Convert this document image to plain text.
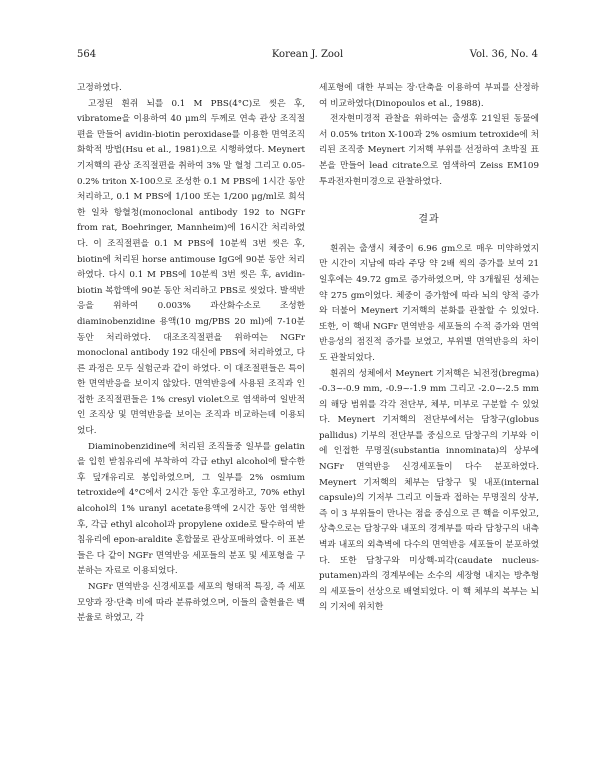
564	Korean J. Zool	Vol. 36, No. 4

고정하였다.

고정된 흰쥐 뇌를 0.1 M PBS(4°C)로 씻은 후, vibratome을 이용하여 40 μm의 두께로 연속 관상 조직절편을 만들어 avidin-biotin peroxidase를 이용한 면역조직화학적 방법(Hsu et al., 1981)으로 시행하였다. Meynert 기저핵의 관상 조직절편을 취하여 3% 말 혈청 그리고 0.05-0.2% triton X-100으로 조성한 0.1 M PBS에 1시간 동안 처리하고, 0.1 M PBS에 1/100 또는 1/200 μg/ml로 희석한 일차 항혈청(monoclonal antibody 192 to NGFr from rat, Boehringer, Mannheim)에 16시간 처리하였다. 이 조직절편을 0.1 M PBS에 10분씩 3번 씻은 후, biotin에 처리된 horse antimouse IgG에 90분 동안 처리하였다. 다시 0.1 M PBS에 10분씩 3번 씻은 후, avidin-biotin 복합액에 90분 동안 처리하고 PBS로 씻었다. 발색반응을 위하여 0.003% 과산화수소로 조성한 diaminobenzidine 용액(10 mg/PBS 20 ml)에 7-10분 동안 처리하였다. 대조조직절편을 위하여는 NGFr monoclonal antibody 192 대신에 PBS에 처리하였고, 다른 과정은 모두 실험군과 같이 하였다. 이 대조절편들은 특이한 면역반응을 보이지 않았다. 면역반응에 사용된 조직과 인접한 조직절편들은 1% cresyl violet으로 염색하여 일반적인 조직상 및 면역반응을 보이는 조직과 비교하는데 이용되었다.

Diaminobenzidine에 처리된 조직들중 일부를 gelatin을 입힌 받침유리에 부착하여 각급 ethyl alcohol에 탈수한 후 덮개유리로 봉입하였으며, 그 일부를 2% osmium tetroxide에 4°C에서 2시간 동안 후고정하고, 70% ethyl alcohol의 1% uranyl acetate용액에 2시간 동안 염색한 후, 각급 ethyl alcohol과 propylene oxide로 탈수하여 받침유리에 epon-araldite 혼합물로 관상포매하였다. 이 표본들은 다 같이 NGFr 면역반응 세포들의 분포 및 세포형을 구분하는 자료로 이용되었다.

NGFr 면역반응 신경세포를 세포의 형태적 특징, 즉 세포 모양과 장·단축 비에 따라 분류하였으며, 이들의 출현율은 백분율로 하였고, 각

세포형에 대한 부피는 장·단축을 이용하여 부피를 산정하여 비교하였다(Dinopoulos et al., 1988).

전자현미경적 관찰을 위하여는 출생후 21일된 동물에서 0.05% triton X-100과 2% osmium tetroxide에 처리된 조직중 Meynert 기저핵 부위를 선정하여 초박질 표본을 만들어 lead citrate으로 염색하여 Zeiss EM109 투과전자현미경으로 관찰하였다.

결과

흰쥐는 출생시 체중이 6.96 gm으로 매우 미약하였지만 시간이 지남에 따라 주당 약 2배 씩의 증가를 보여 21일후에는 49.72 gm로 증가하였으며, 약 3개월된 성체는 약 275 gm이었다. 체중이 증가함에 따라 뇌의 양적 증가와 더불어 Meynert 기저핵의 분화를 관찰할 수 있었다. 또한, 이 핵내 NGFr 면역반응 세포들의 수적 증가와 면역반응성의 점진적 증가를 보였고, 부위별 면역반응의 차이도 관찰되었다.

흰쥐의 성체에서 Meynert 기저핵은 뇌전정(bregma) -0.3~-0.9 mm, -0.9~-1.9 mm 그리고 -2.0~-2.5 mm의 해당 범위를 각각 전단부, 체부, 미부로 구분할 수 있었다. Meynert 기저핵의 전단부에서는 담창구(globus pallidus) 기부의 전단부를 중심으로 담창구의 기부와 이에 인접한 무명질(substantia innominata)의 상부에 NGFr 면역반응 신경세포들이 다수 분포하였다. Meynert 기저핵의 체부는 담창구 및 내포(internal capsule)의 기저부 그리고 이들과 접하는 무명질의 상부, 즉 이 3 부위들이 만나는 점을 중심으로 큰 핵을 이루었고, 상측으로는 담창구와 내포의 경계부를 따라 담창구의 내측벽과 내포의 외측벽에 다수의 면역반응 세포들이 분포하였다. 또한 담창구와 미상핵-피각(caudate nucleus-putamen)과의 경계부에는 소수의 세장형 내지는 방추형의 세포들이 선상으로 배열되었다. 이 핵 체부의 복부는 뇌의 기저에 위치한
